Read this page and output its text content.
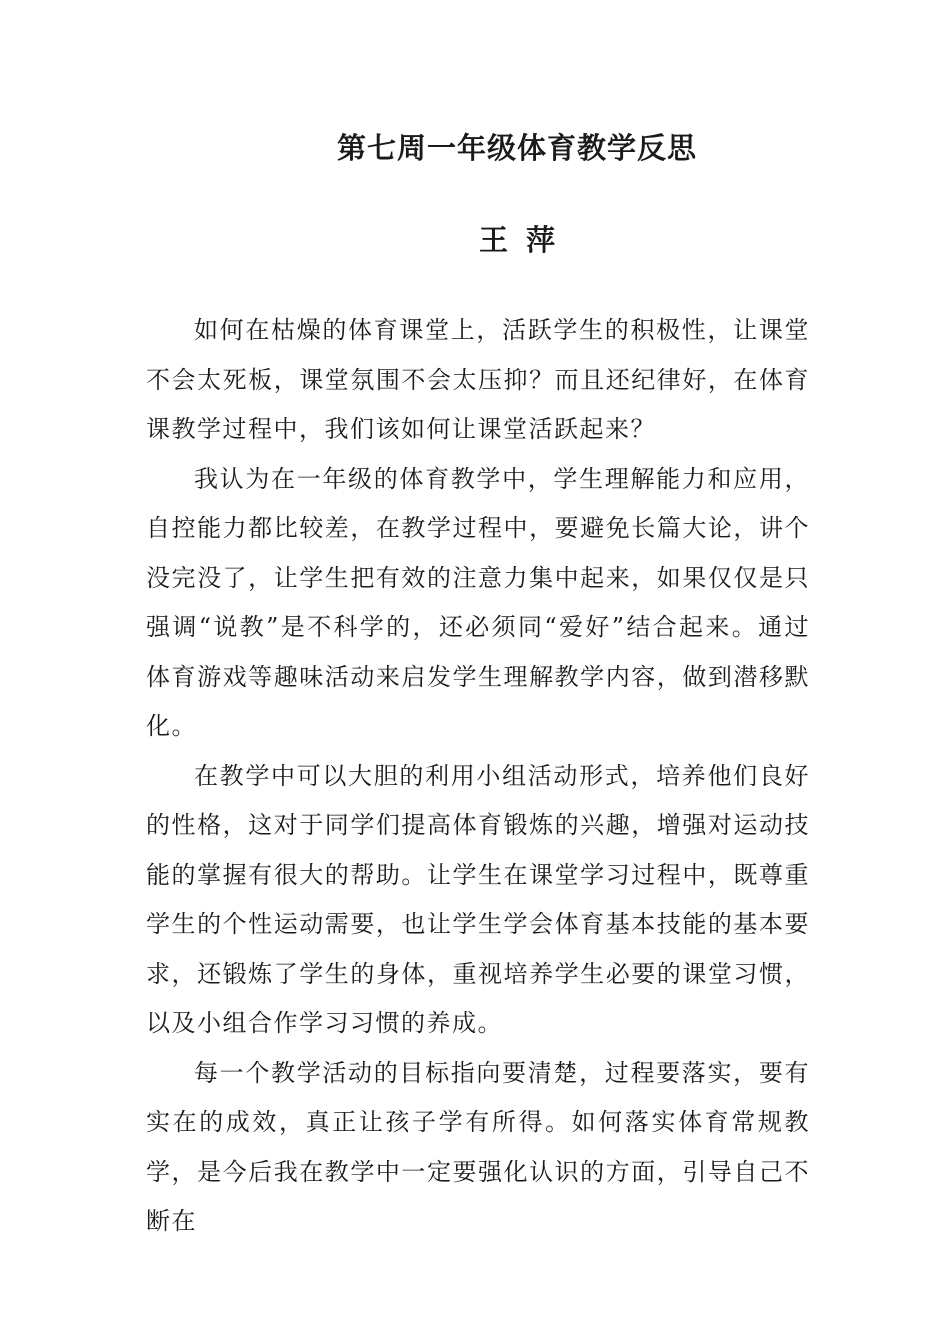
第七周一年级体育教学反思
王 萍

如何在枯燥的体育课堂上，活跃学生的积极性，让课堂不会太死板，课堂氛围不会太压抑？而且还纪律好，在体育课教学过程中，我们该如何让课堂活跃起来？

我认为在一年级的体育教学中，学生理解能力和应用，自控能力都比较差，在教学过程中，要避免长篇大论，讲个没完没了，让学生把有效的注意力集中起来，如果仅仅是只强调“说教”是不科学的，还必须同“爱好”结合起来。通过体育游戏等趣味活动来启发学生理解教学内容，做到潜移默化。

在教学中可以大胆的利用小组活动形式，培养他们良好的性格，这对于同学们提高体育锻炼的兴趣，增强对运动技能的掌握有很大的帮助。让学生在课堂学习过程中，既尊重学生的个性运动需要，也让学生学会体育基本技能的基本要求，还锻炼了学生的身体，重视培养学生必要的课堂习惯，以及小组合作学习习惯的养成。

每一个教学活动的目标指向要清楚，过程要落实，要有实在的成效，真正让孩子学有所得。如何落实体育常规教学，是今后我在教学中一定要强化认识的方面，引导自己不断在
